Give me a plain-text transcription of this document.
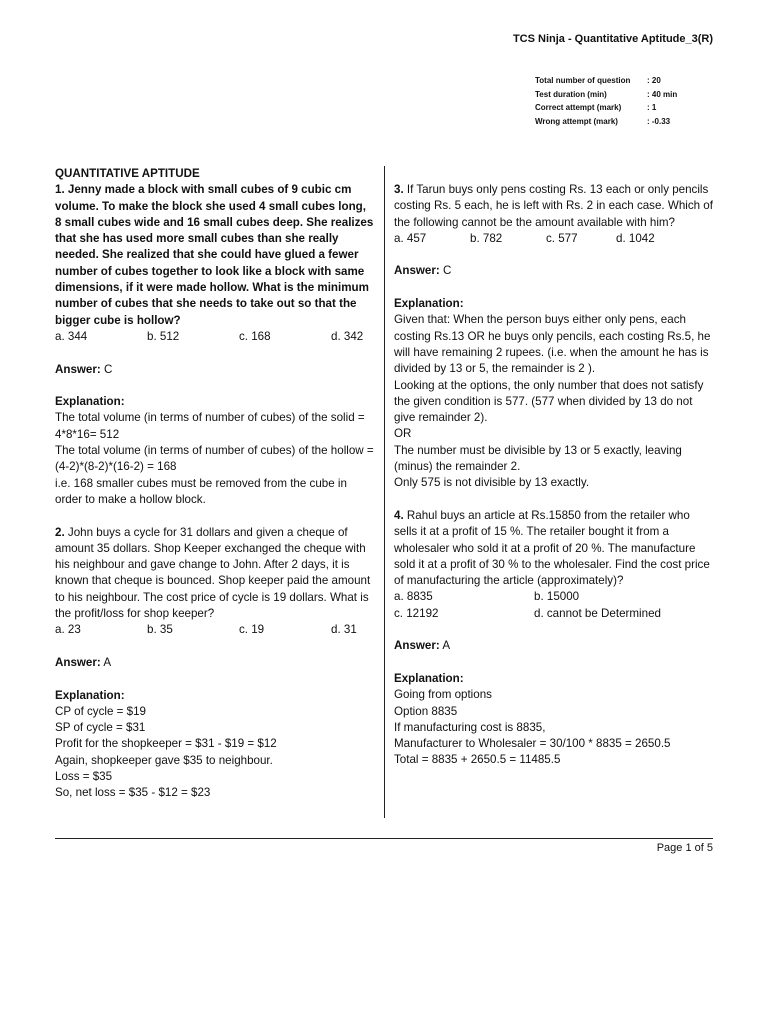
TCS Ninja - Quantitative Aptitude_3(R)
Total number of question	: 20
Test duration (min)	: 40 min
Correct attempt (mark)	: 1
Wrong attempt (mark)	: -0.33

QUANTITATIVE APTITUDE

1. Jenny made a block with small cubes of 9 cubic cm volume. To make the block she used 4 small cubes long, 8 small cubes wide and 16 small cubes deep. She realizes that she has used more small cubes than she really needed. She realized that she could have glued a fewer number of cubes together to look like a block with same dimensions, if it were made hollow. What is the minimum number of cubes that she needs to take out so that the bigger cube is hollow?

a. 344	b. 512	c. 168	d. 342

Answer: C

Explanation:

The total volume (in terms of number of cubes) of the solid = 4*8*16= 512

The total volume (in terms of number of cubes) of the hollow = (4-2)*(8-2)*(16-2) = 168

i.e. 168 smaller cubes must be removed from the cube in order to make a hollow block.

2. John buys a cycle for 31 dollars and given a cheque of amount 35 dollars. Shop Keeper exchanged the cheque with his neighbour and gave change to John. After 2 days, it is known that cheque is bounced. Shop keeper paid the amount to his neighbour. The cost price of cycle is 19 dollars. What is the profit/loss for shop keeper?

a. 23	b. 35	c. 19	d. 31

Answer: A

Explanation:

CP of cycle = $19

SP of cycle = $31

Profit for the shopkeeper = $31 - $19 = $12

Again, shopkeeper gave $35 to neighbour.

Loss = $35

So, net loss = $35 - $12 = $23

3. If Tarun buys only pens costing Rs. 13 each or only pencils costing Rs. 5 each, he is left with Rs. 2 in each case. Which of the following cannot be the amount available with him?

a. 457	b. 782	c. 577	d. 1042

Answer: C

Explanation:

Given that: When the person buys either only pens, each costing Rs.13 OR he buys only pencils, each costing Rs.5, he will have remaining 2 rupees. (i.e. when the amount he has is divided by 13 or 5, the remainder is 2 ).

Looking at the options, the only number that does not satisfy the given condition is 577. (577 when divided by 13 do not give remainder 2).

OR

The number must be divisible by 13 or 5 exactly, leaving (minus) the remainder 2.

Only 575 is not divisible by 13 exactly.

4. Rahul buys an article at Rs.15850 from the retailer who sells it at a profit of 15 %. The retailer bought it from a wholesaler who sold it at a profit of 20 %. The manufacture sold it at a profit of 30 % to the wholesaler. Find the cost price of manufacturing the article (approximately)?

a. 8835	b. 15000
c. 12192	d. cannot be Determined

Answer: A

Explanation:

Going from options

Option 8835

If manufacturing cost is 8835,

Manufacturer to Wholesaler = 30/100 * 8835 = 2650.5

Total = 8835 + 2650.5 = 11485.5

Page 1 of 5
